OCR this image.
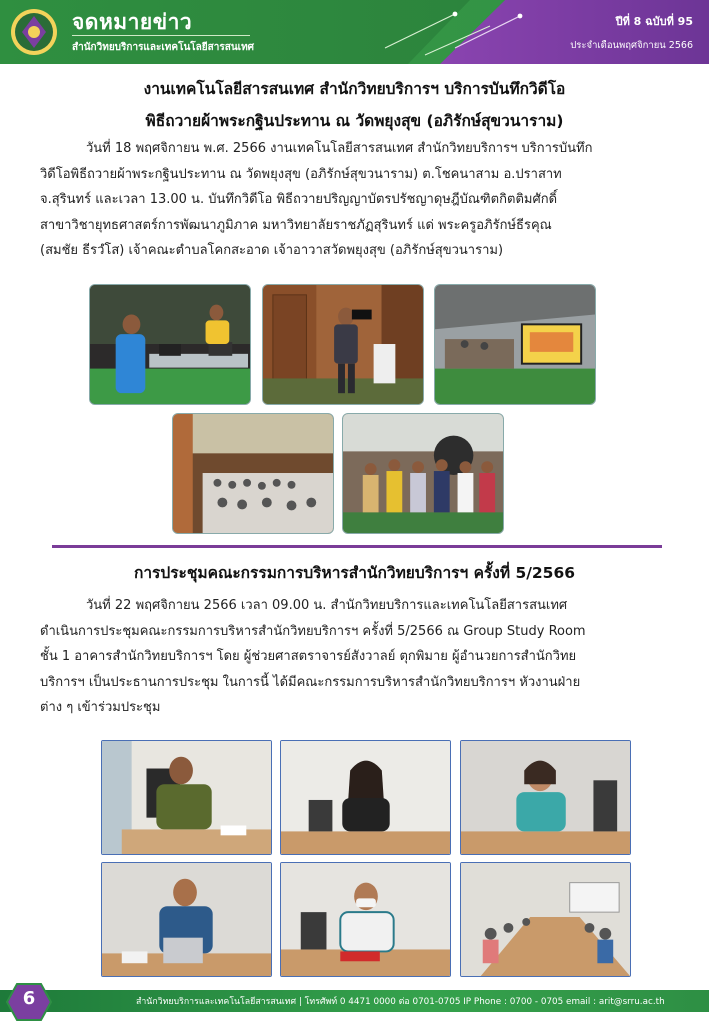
จดหมายข่าว
สำนักวิทยบริการและเทคโนโลยีสารสนเทศ
ปีที่ 8 ฉบับที่ 95
ประจำเดือนพฤศจิกายน 2566
งานเทคโนโลยีสารสนเทศ สำนักวิทยบริการฯ บริการบันทึกวิดีโอ
พิธีถวายผ้าพระกฐินประทาน ณ วัดพยุงสุข (อภิรักษ์สุขวนาราม)
วันที่ 18 พฤศจิกายน พ.ศ. 2566 งานเทคโนโลยีสารสนเทศ สำนักวิทยบริการฯ บริการบันทึก
วิดีโอพิธีถวายผ้าพระกฐินประทาน ณ วัดพยุงสุข (อภิรักษ์สุขวนาราม) ต.โชคนาสาม อ.ปราสาท
จ.สุรินทร์ และเวลา 13.00 น. บันทึกวิดีโอ พิธีถวายปริญญาบัตรปรัชญาดุษฎีบัณฑิตกิตติมศักดิ์
สาขาวิชายุทธศาสตร์การพัฒนาภูมิภาค มหาวิทยาลัยราชภัฏสุรินทร์ แด่ พระครูอภิรักษ์ธีรคุณ
(สมชัย ธีรวํโส) เจ้าคณะตำบลโคกสะอาด เจ้าอาวาสวัดพยุงสุข (อภิรักษ์สุขวนาราม)
การประชุมคณะกรรมการบริหารสำนักวิทยบริการฯ ครั้งที่ 5/2566
วันที่ 22 พฤศจิกายน 2566 เวลา 09.00 น. สำนักวิทยบริการและเทคโนโลยีสารสนเทศ
ดำเนินการประชุมคณะกรรมการบริหารสำนักวิทยบริการฯ ครั้งที่ 5/2566 ณ Group Study Room
ชั้น 1 อาคารสำนักวิทยบริการฯ โดย ผู้ช่วยศาสตราจารย์สังวาลย์ ตุกพิมาย ผู้อำนวยการสำนักวิทย
บริการฯ เป็นประธานการประชุม ในการนี้ ได้มีคณะกรรมการบริหารสำนักวิทยบริการฯ หัวงานฝ่าย
ต่าง ๆ เข้าร่วมประชุม
6	สำนักวิทยบริการและเทคโนโลยีสารสนเทศ | โทรศัพท์ 0 4471 0000 ต่อ 0701-0705 IP Phone : 0700 - 0705 email : arit@srru.ac.th
